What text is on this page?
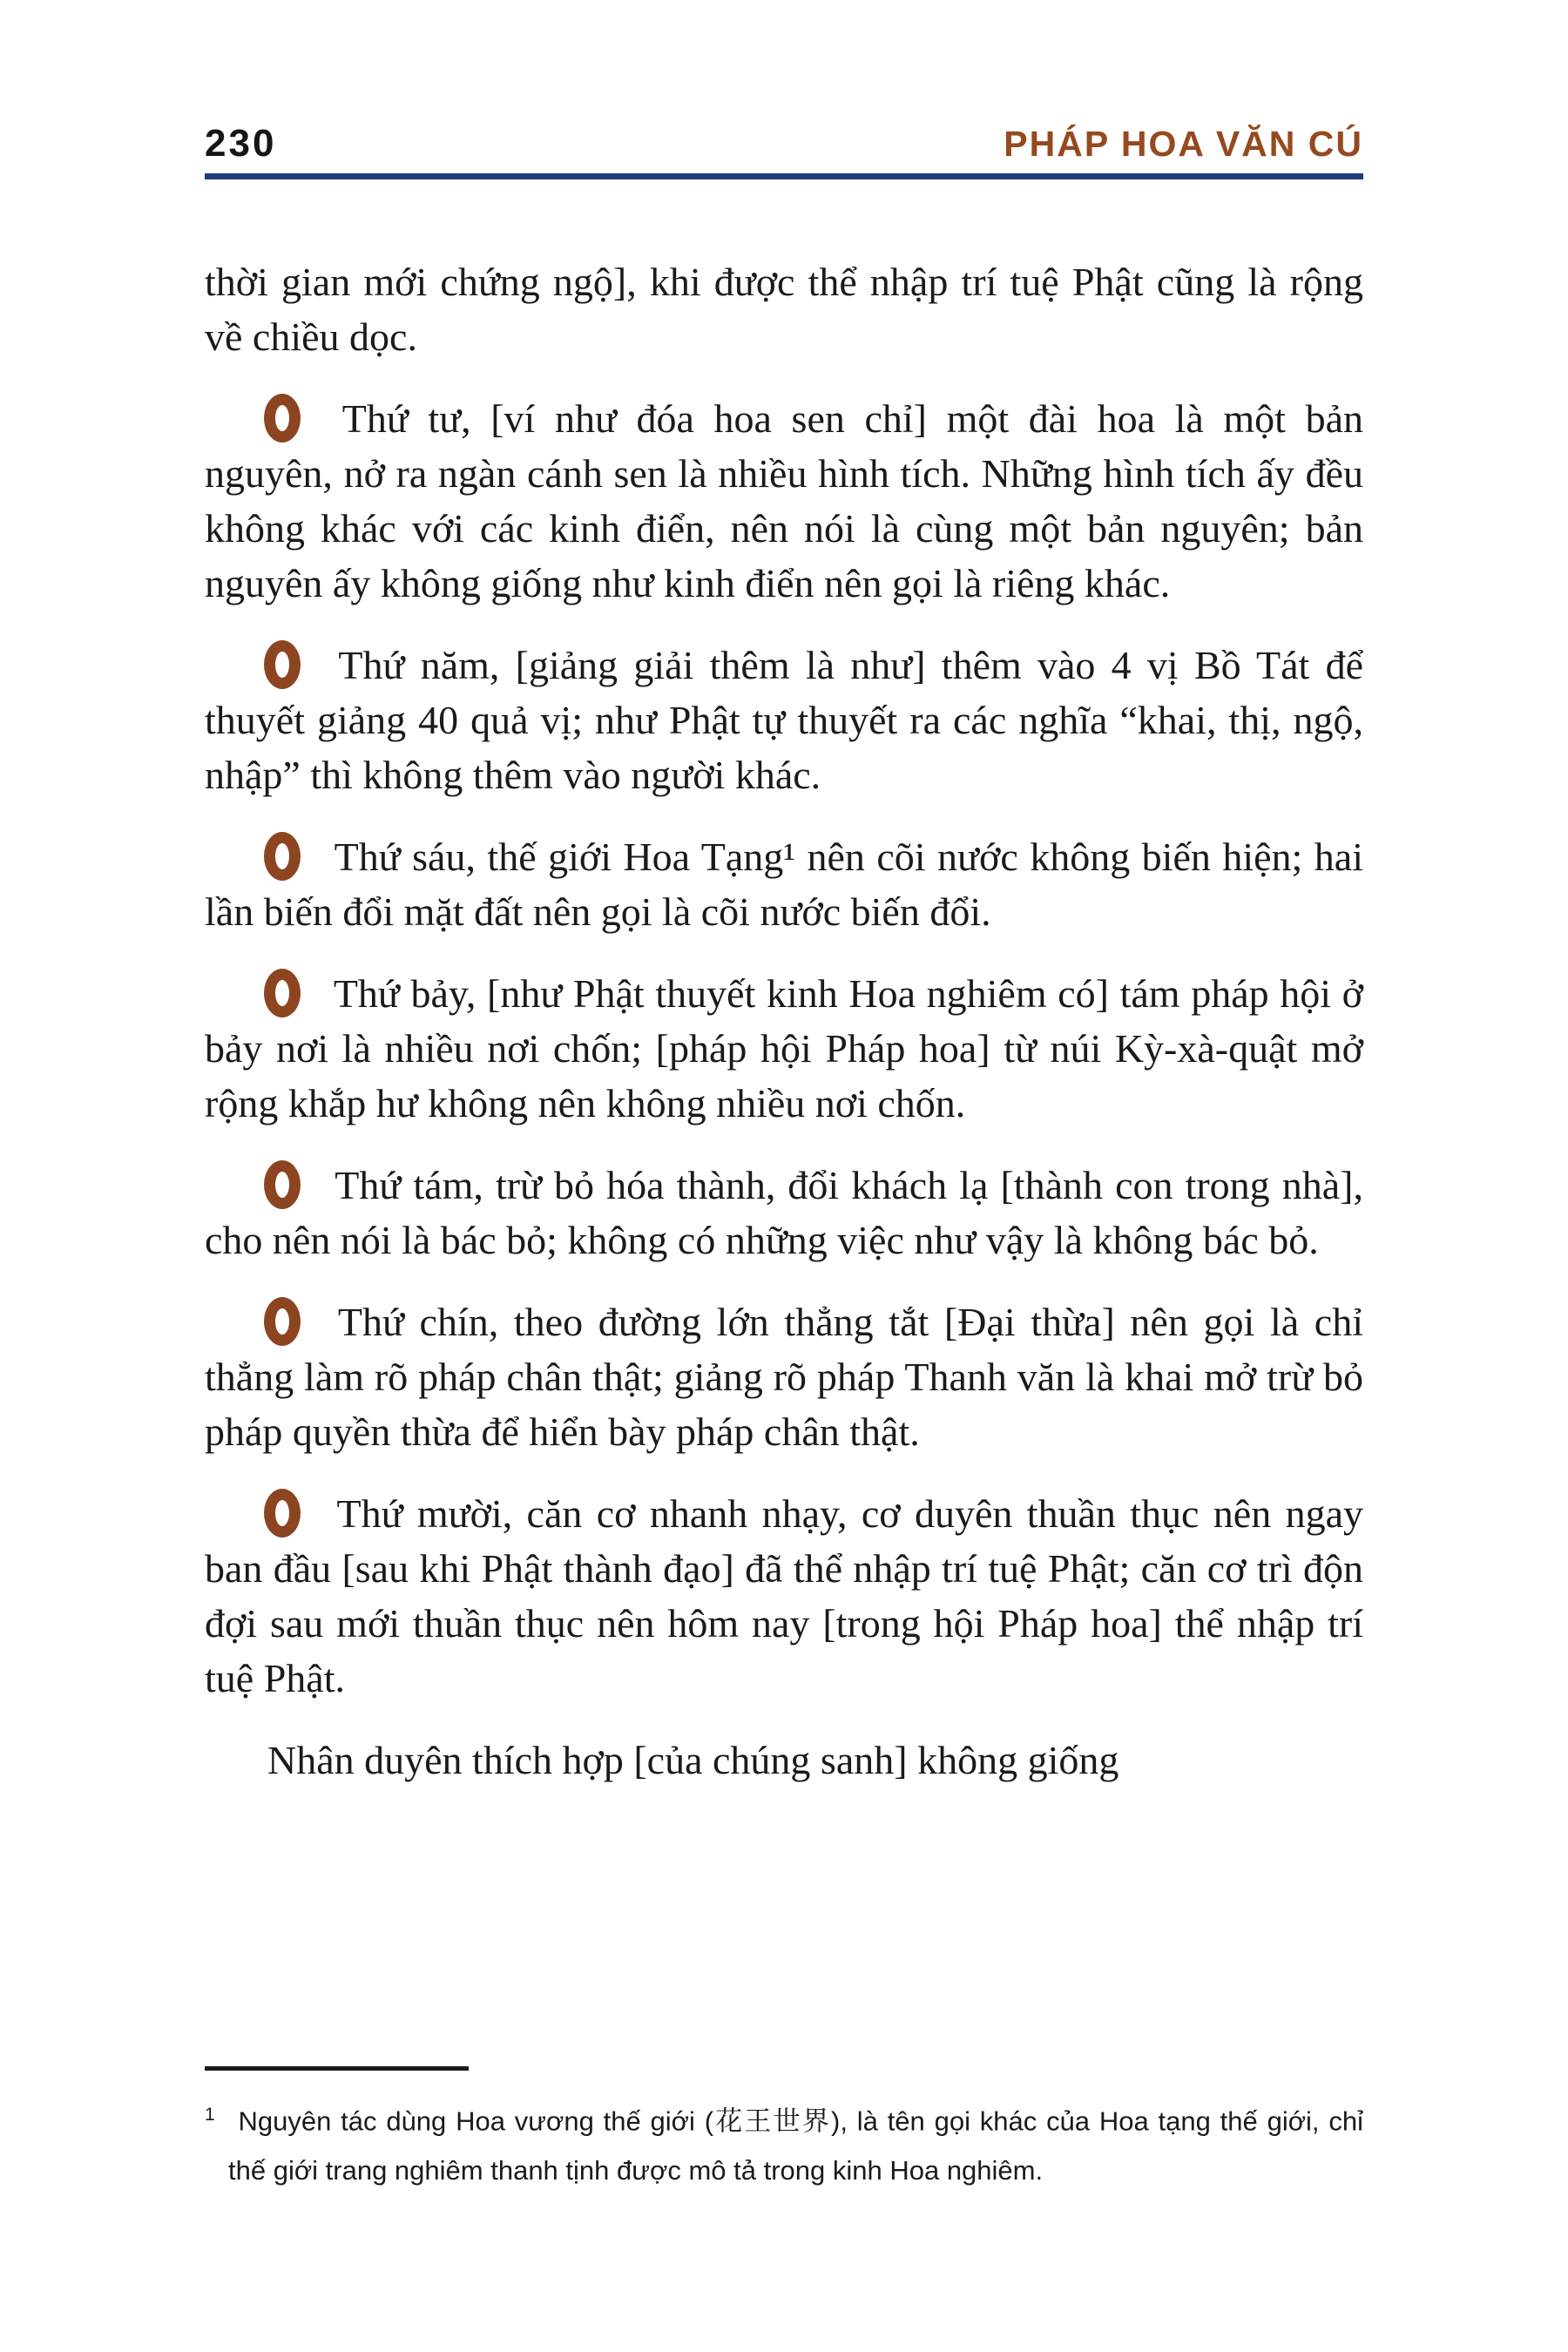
230	PHÁP HOA VĂN CÚ

thời gian mới chứng ngộ], khi được thể nhập trí tuệ Phật cũng là rộng về chiều dọc.

Thứ tư, [ví như đóa hoa sen chỉ] một đài hoa là một bản nguyên, nở ra ngàn cánh sen là nhiều hình tích. Những hình tích ấy đều không khác với các kinh điển, nên nói là cùng một bản nguyên; bản nguyên ấy không giống như kinh điển nên gọi là riêng khác.

Thứ năm, [giảng giải thêm là như] thêm vào 4 vị Bồ Tát để thuyết giảng 40 quả vị; như Phật tự thuyết ra các nghĩa “khai, thị, ngộ, nhập” thì không thêm vào người khác.

Thứ sáu, thế giới Hoa Tạng¹ nên cõi nước không biến hiện; hai lần biến đổi mặt đất nên gọi là cõi nước biến đổi.

Thứ bảy, [như Phật thuyết kinh Hoa nghiêm có] tám pháp hội ở bảy nơi là nhiều nơi chốn; [pháp hội Pháp hoa] từ núi Kỳ-xà-quật mở rộng khắp hư không nên không nhiều nơi chốn.

Thứ tám, trừ bỏ hóa thành, đổi khách lạ [thành con trong nhà], cho nên nói là bác bỏ; không có những việc như vậy là không bác bỏ.

Thứ chín, theo đường lớn thẳng tắt [Đại thừa] nên gọi là chỉ thẳng làm rõ pháp chân thật; giảng rõ pháp Thanh văn là khai mở trừ bỏ pháp quyền thừa để hiển bày pháp chân thật.

Thứ mười, căn cơ nhanh nhạy, cơ duyên thuần thục nên ngay ban đầu [sau khi Phật thành đạo] đã thể nhập trí tuệ Phật; căn cơ trì độn đợi sau mới thuần thục nên hôm nay [trong hội Pháp hoa] thể nhập trí tuệ Phật.

Nhân duyên thích hợp [của chúng sanh] không giống

$^1$ Nguyên tác dùng Hoa vương thế giới (花王世界), là tên gọi khác của Hoa tạng thế giới, chỉ thế giới trang nghiêm thanh tịnh được mô tả trong kinh Hoa nghiêm.
